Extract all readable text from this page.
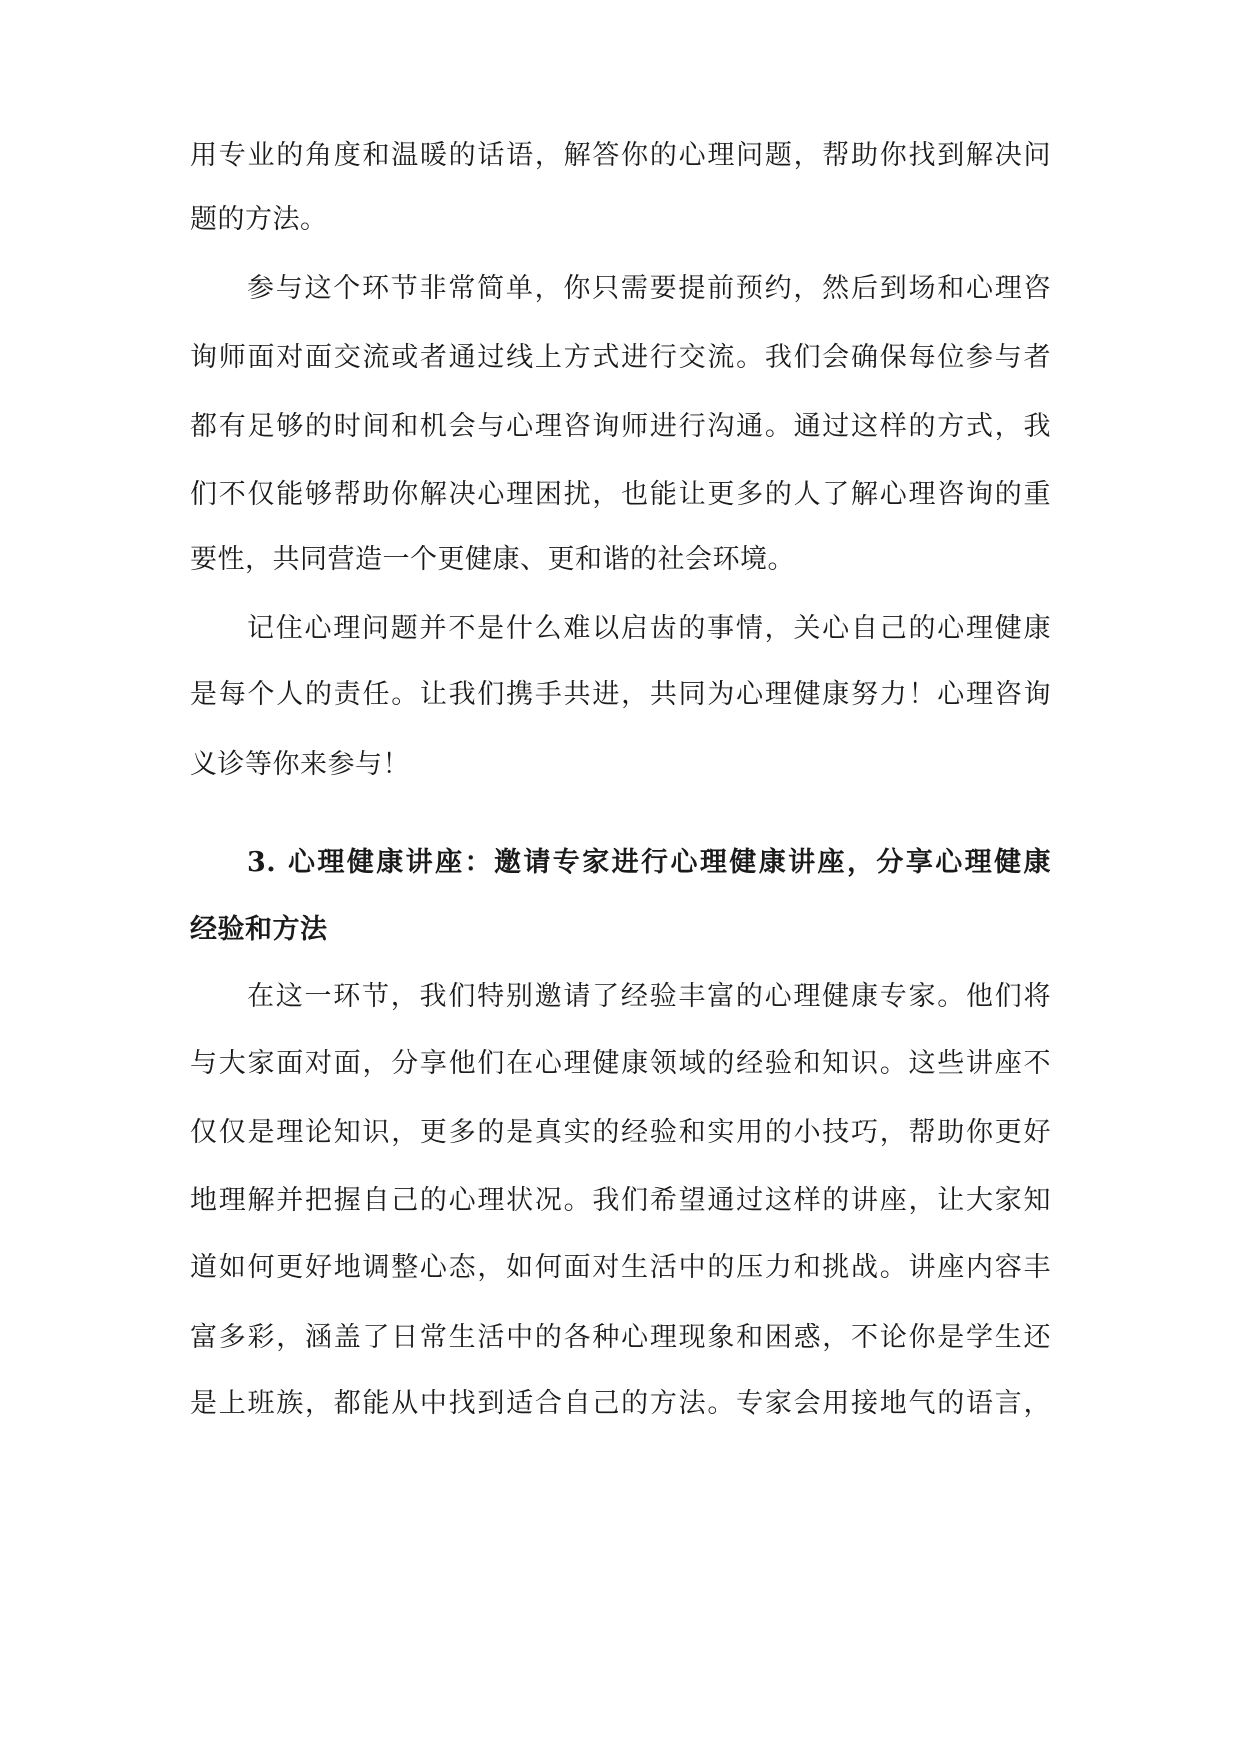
用专业的角度和温暖的话语，解答你的心理问题，帮助你找到解决问
题的方法。
参与这个环节非常简单，你只需要提前预约，然后到场和心理咨
询师面对面交流或者通过线上方式进行交流。我们会确保每位参与者
都有足够的时间和机会与心理咨询师进行沟通。通过这样的方式，我
们不仅能够帮助你解决心理困扰，也能让更多的人了解心理咨询的重
要性，共同营造一个更健康、更和谐的社会环境。
记住心理问题并不是什么难以启齿的事情，关心自己的心理健康
是每个人的责任。让我们携手共进，共同为心理健康努力！心理咨询
义诊等你来参与！
3. 心理健康讲座：邀请专家进行心理健康讲座，分享心理健康
经验和方法
在这一环节，我们特别邀请了经验丰富的心理健康专家。他们将
与大家面对面，分享他们在心理健康领域的经验和知识。这些讲座不
仅仅是理论知识，更多的是真实的经验和实用的小技巧，帮助你更好
地理解并把握自己的心理状况。我们希望通过这样的讲座，让大家知
道如何更好地调整心态，如何面对生活中的压力和挑战。讲座内容丰
富多彩，涵盖了日常生活中的各种心理现象和困惑，不论你是学生还
是上班族，都能从中找到适合自己的方法。专家会用接地气的语言，
